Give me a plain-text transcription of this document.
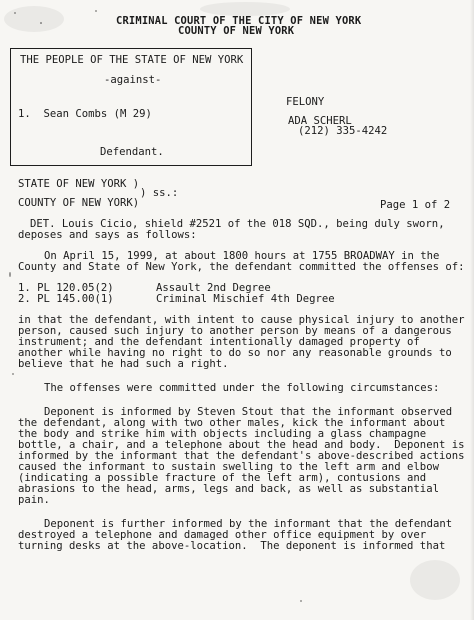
CRIMINAL COURT OF THE CITY OF NEW YORK
COUNTY OF NEW YORK
THE PEOPLE OF THE STATE OF NEW YORK
-against-
1.  Sean Combs (M 29)
Defendant.
FELONY
ADA SCHERL
(212) 335-4242
STATE OF NEW YORK )
) ss.:
COUNTY OF NEW YORK)	Page 1 of 2
DET. Louis Cicio, shield #2521 of the 018 SQD., being duly sworn,
deposes and says as follows:
On April 15, 1999, at about 1800 hours at 1755 BROADWAY in the
County and State of New York, the defendant committed the offenses of:
1. PL 120.05(2)	Assault 2nd Degree
2. PL 145.00(1)	Criminal Mischief 4th Degree
in that the defendant, with intent to cause physical injury to another
person, caused such injury to another person by means of a dangerous
instrument; and the defendant intentionally damaged property of
another while having no right to do so nor any reasonable grounds to
believe that he had such a right.
The offenses were committed under the following circumstances:
Deponent is informed by Steven Stout that the informant observed
the defendant, along with two other males, kick the informant about
the body and strike him with objects including a glass champagne
bottle, a chair, and a telephone about the head and body.  Deponent is
informed by the informant that the defendant's above-described actions
caused the informant to sustain swelling to the left arm and elbow
(indicating a possible fracture of the left arm), contusions and
abrasions to the head, arms, legs and back, as well as substantial
pain.
Deponent is further informed by the informant that the defendant
destroyed a telephone and damaged other office equipment by over
turning desks at the above-location.  The deponent is informed that
